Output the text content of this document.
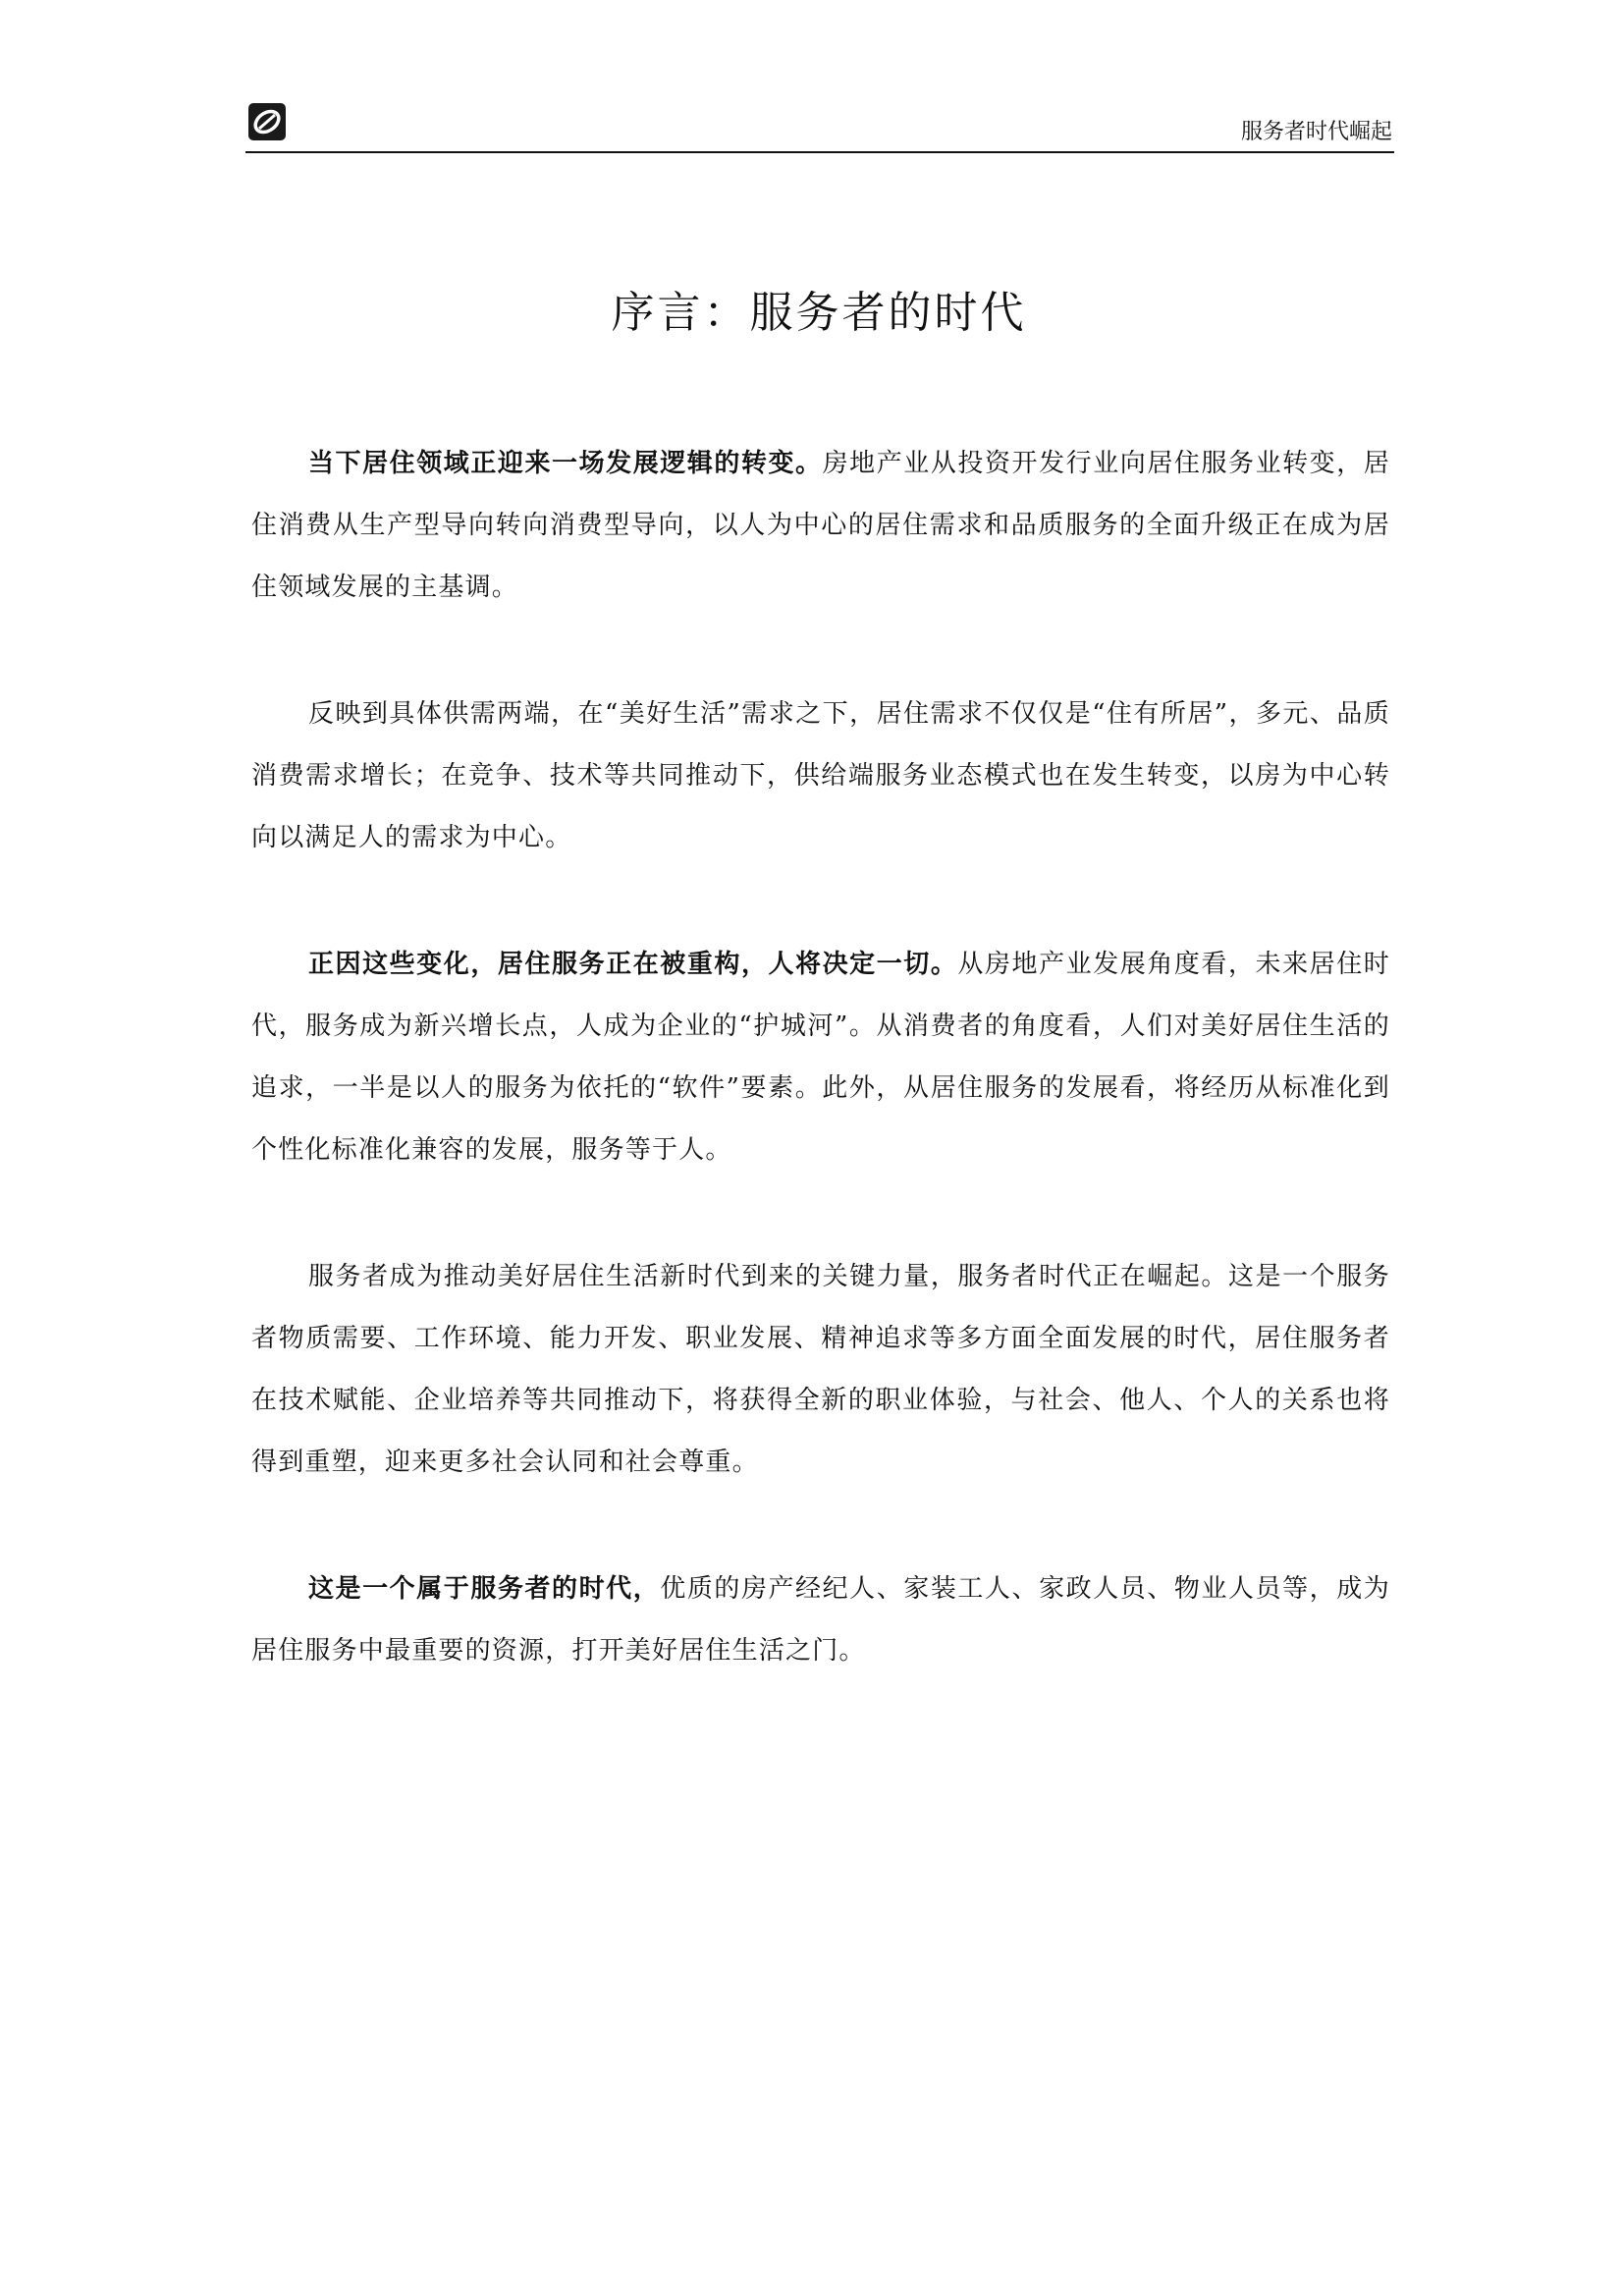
服务者时代崛起
序言：服务者的时代

当下居住领域正迎来一场发展逻辑的转变。房地产业从投资开发行业向居住服务业转变，居住消费从生产型导向转向消费型导向，以人为中心的居住需求和品质服务的全面升级正在成为居住领域发展的主基调。

反映到具体供需两端，在“美好生活”需求之下，居住需求不仅仅是“住有所居”，多元、品质消费需求增长；在竞争、技术等共同推动下，供给端服务业态模式也在发生转变，以房为中心转向以满足人的需求为中心。

正因这些变化，居住服务正在被重构，人将决定一切。从房地产业发展角度看，未来居住时代，服务成为新兴增长点，人成为企业的“护城河”。从消费者的角度看，人们对美好居住生活的追求，一半是以人的服务为依托的“软件”要素。此外，从居住服务的发展看，将经历从标准化到个性化标准化兼容的发展，服务等于人。

服务者成为推动美好居住生活新时代到来的关键力量，服务者时代正在崛起。这是一个服务者物质需要、工作环境、能力开发、职业发展、精神追求等多方面全面发展的时代，居住服务者在技术赋能、企业培养等共同推动下，将获得全新的职业体验，与社会、他人、个人的关系也将得到重塑，迎来更多社会认同和社会尊重。

这是一个属于服务者的时代，优质的房产经纪人、家装工人、家政人员、物业人员等，成为居住服务中最重要的资源，打开美好居住生活之门。
